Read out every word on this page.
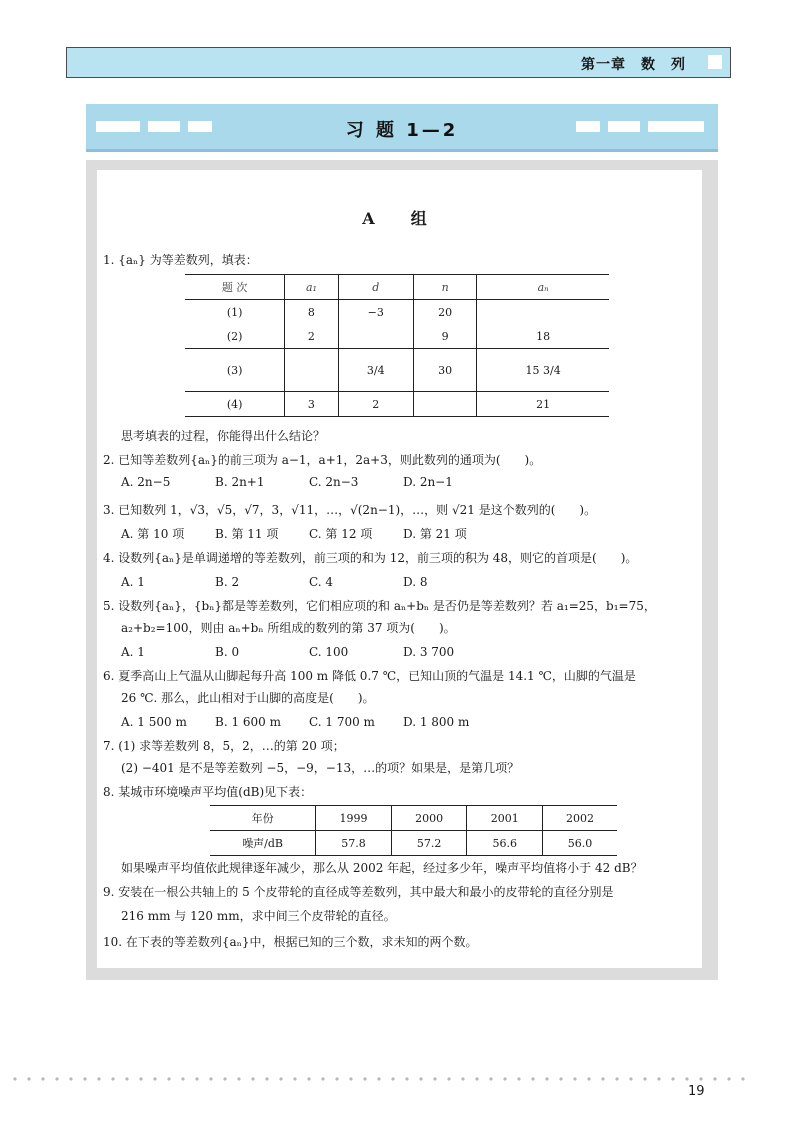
第一章　数　列
习 题 1—2
A　组
1. {aₙ} 为等差数列，填表：
题 次	a₁	d	n	aₙ
(1)	8	−3	20	
(2)	2		9	18
(3)		3/4	30	15 3/4
(4)	3	2		21
思考填表的过程，你能得出什么结论？
2. 已知等差数列{aₙ}的前三项为 a−1，a+1，2a+3，则此数列的通项为(　　)。
A. 2n−5	B. 2n+1	C. 2n−3	D. 2n−1
3. 已知数列 1，√3，√5，√7，3，√11，…，√(2n−1)，…，则 √21 是这个数列的(　　)。
A. 第 10 项	B. 第 11 项	C. 第 12 项	D. 第 21 项
4. 设数列{aₙ}是单调递增的等差数列，前三项的和为 12，前三项的积为 48，则它的首项是(　　)。
A. 1	B. 2	C. 4	D. 8
5. 设数列{aₙ}，{bₙ}都是等差数列，它们相应项的和 aₙ+bₙ 是否仍是等差数列？若 a₁=25，b₁=75，
a₂+b₂=100，则由 aₙ+bₙ 所组成的数列的第 37 项为(　　)。
A. 1	B. 0	C. 100	D. 3 700
6. 夏季高山上气温从山脚起每升高 100 m 降低 0.7 ℃，已知山顶的气温是 14.1 ℃，山脚的气温是
26 ℃. 那么，此山相对于山脚的高度是(　　)。
A. 1 500 m B. 1 600 m C. 1 700 m D. 1 800 m
7. (1) 求等差数列 8，5，2，…的第 20 项；
(2) −401 是不是等差数列 −5，−9，−13，…的项？如果是，是第几项？
8. 某城市环境噪声平均值(dB)见下表：
年份	1999	2000	2001	2002
噪声/dB	57.8	57.2	56.6	56.0
如果噪声平均值依此规律逐年减少，那么从 2002 年起，经过多少年，噪声平均值将小于 42 dB？
9. 安装在一根公共轴上的 5 个皮带轮的直径成等差数列，其中最大和最小的皮带轮的直径分别是
216 mm 与 120 mm，求中间三个皮带轮的直径。
10. 在下表的等差数列{aₙ}中，根据已知的三个数，求未知的两个数。
19
